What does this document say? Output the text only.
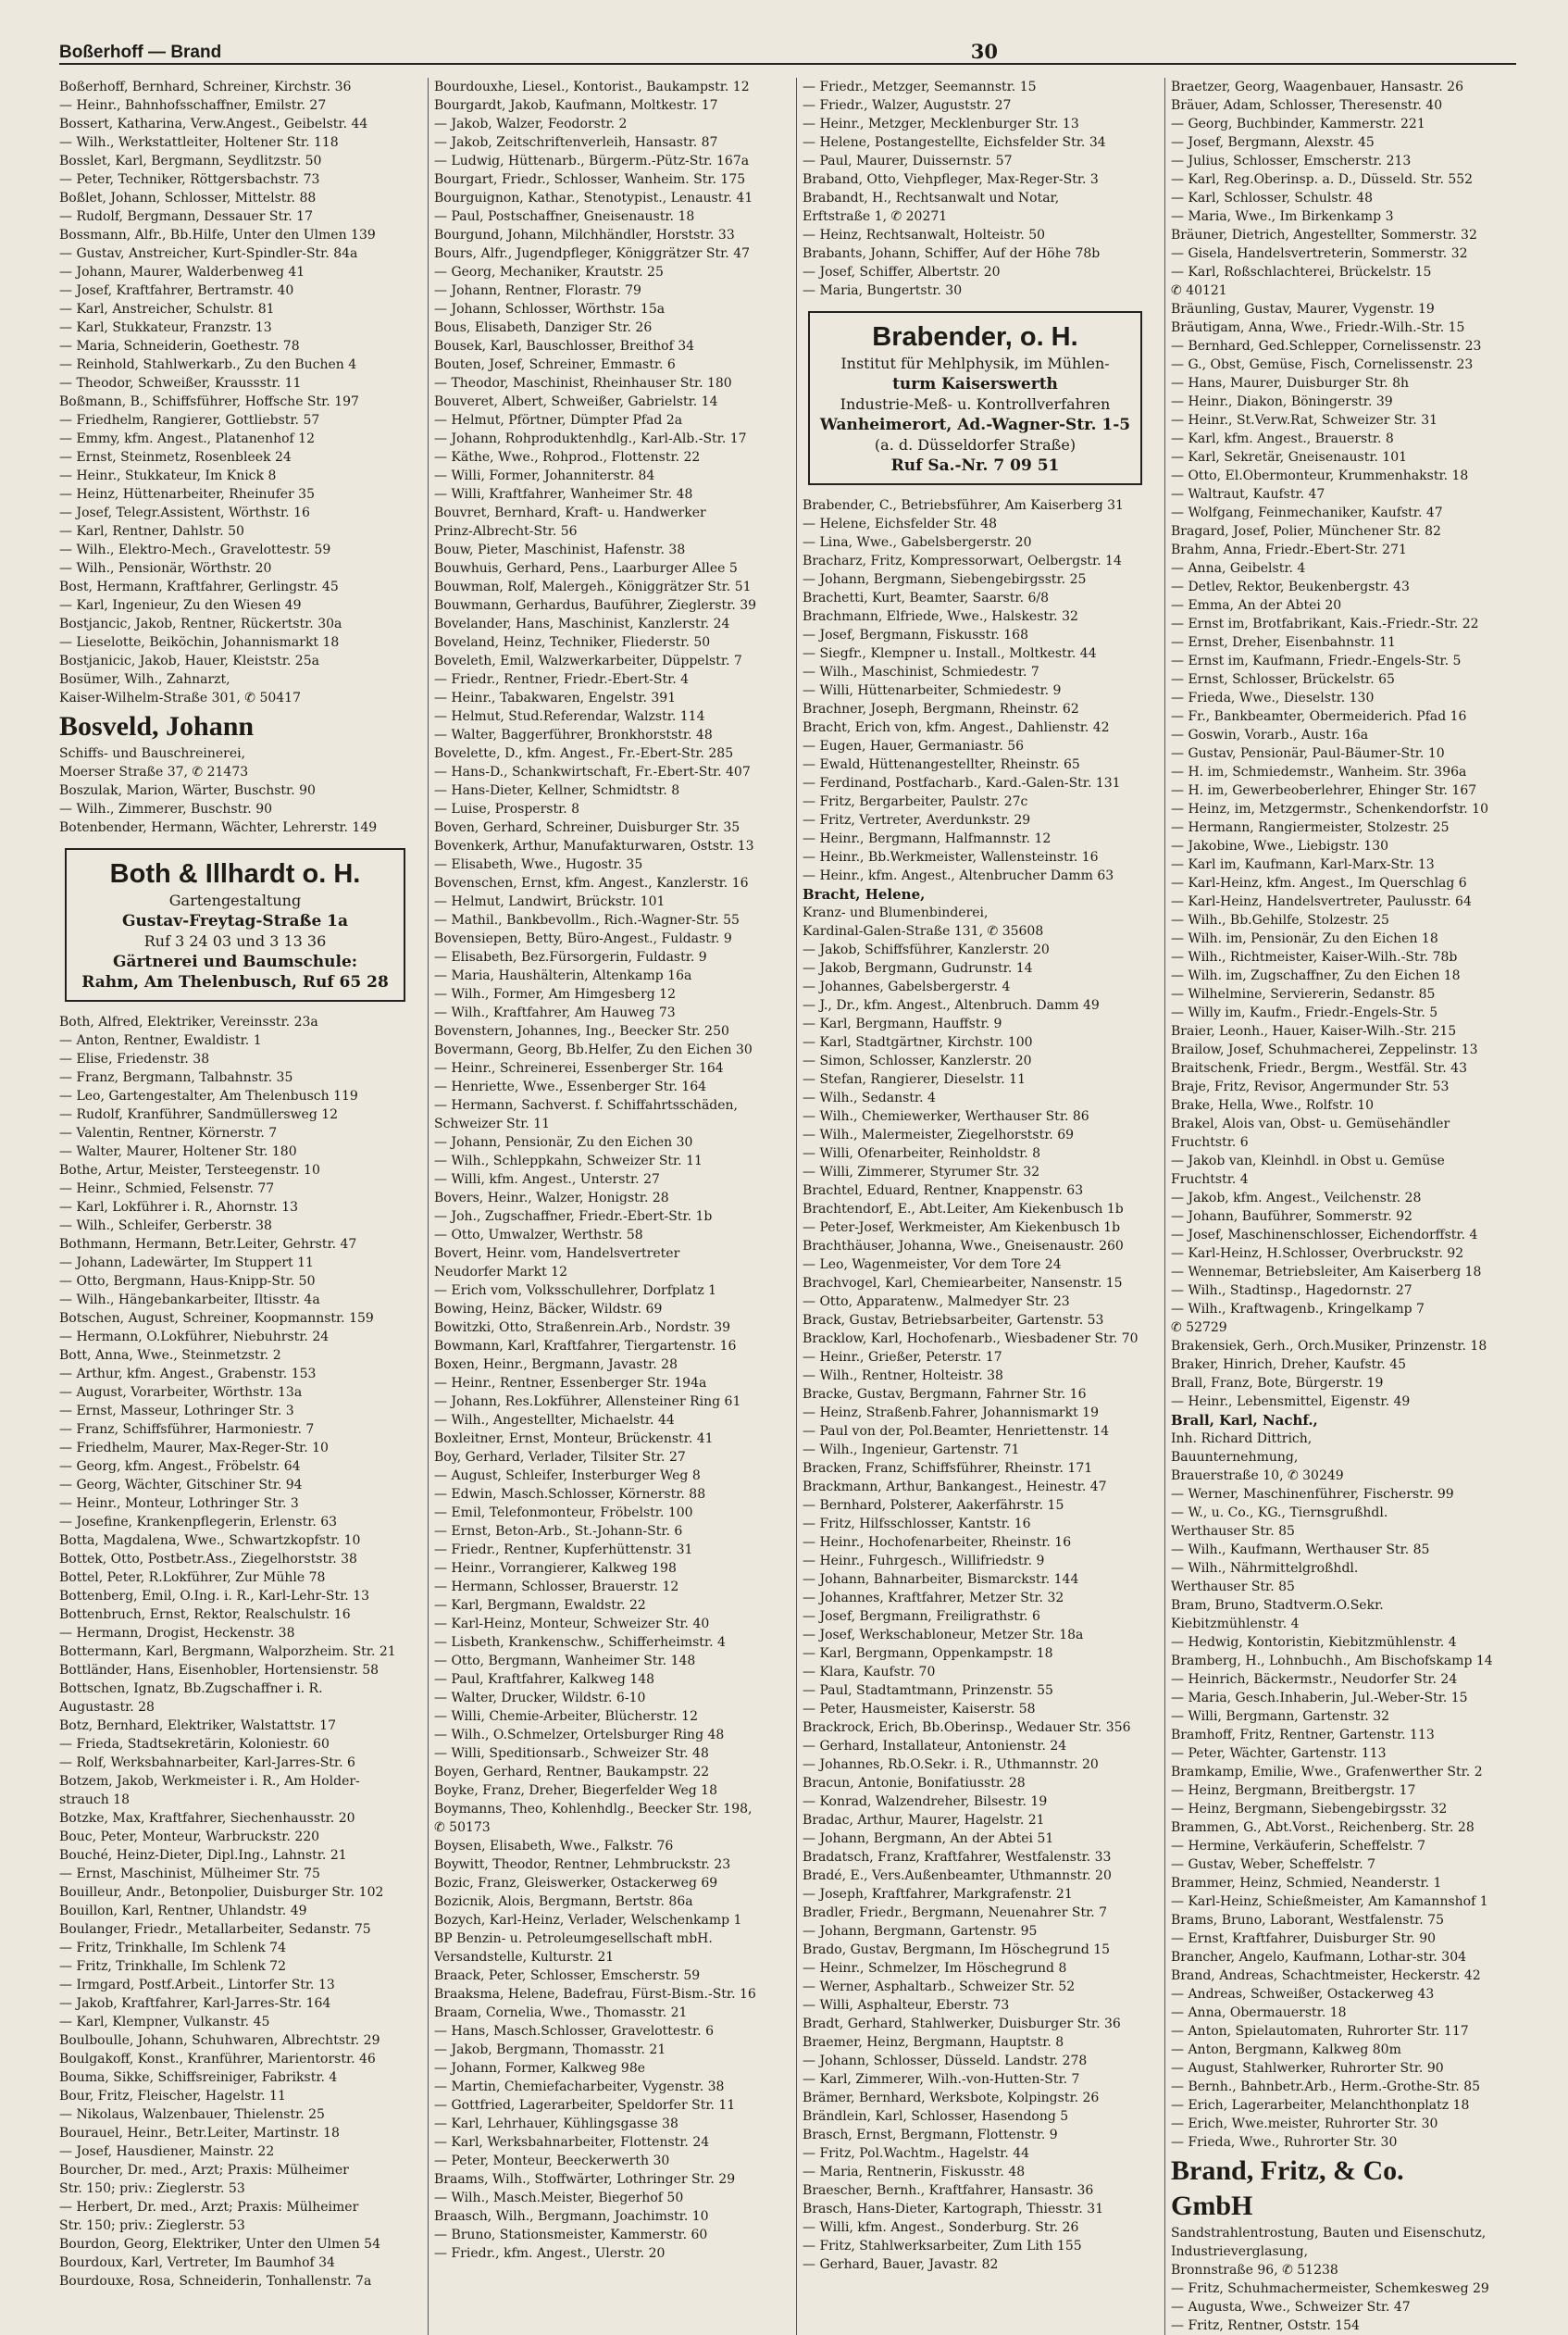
Boßerhoff — Brand	30
Boßerhoff, Bernhard, Schreiner, Kirchstr. 36
— Heinr., Bahnhofsschaffner, Emilstr. 27
Bossert, Katharina, Verw.Angest., Geibelstr. 44
— Wilh., Werkstattleiter, Holtener Str. 118
Bosslet, Karl, Bergmann, Seydlitzstr. 50
— Peter, Techniker, Röttgersbachstr. 73
Boßlet, Johann, Schlosser, Mittelstr. 88
— Rudolf, Bergmann, Dessauer Str. 17
Bossmann, Alfr., Bb.Hilfe, Unter den Ulmen 139
— Gustav, Anstreicher, Kurt-Spindler-Str. 84a
— Johann, Maurer, Walderbenweg 41
— Josef, Kraftfahrer, Bertramstr. 40
— Karl, Anstreicher, Schulstr. 81
— Karl, Stukkateur, Franzstr. 13
— Maria, Schneiderin, Goethestr. 78
— Reinhold, Stahlwerkarb., Zu den Buchen 4
— Theodor, Schweißer, Kraussstr. 11
Boßmann, B., Schiffsführer, Hoffsche Str. 197
— Friedhelm, Rangierer, Gottliebstr. 57
— Emmy, kfm. Angest., Platanenhof 12
— Ernst, Steinmetz, Rosenbleek 24
— Heinr., Stukkateur, Im Knick 8
— Heinz, Hüttenarbeiter, Rheinufer 35
— Josef, Telegr.Assistent, Wörthstr. 16
— Karl, Rentner, Dahlstr. 50
— Wilh., Elektro-Mech., Gravelottestr. 59
— Wilh., Pensionär, Wörthstr. 20
Bost, Hermann, Kraftfahrer, Gerlingstr. 45
— Karl, Ingenieur, Zu den Wiesen 49
Bostjancic, Jakob, Rentner, Rückertstr. 30a
— Lieselotte, Beiköchin, Johannismarkt 18
Bostjanicic, Jakob, Hauer, Kleiststr. 25a
Bosümer, Wilh., Zahnarzt,
Kaiser-Wilhelm-Straße 301, ✆ 50417
Bosveld, Johann
Schiffs- und Bauschreinerei,
Moerser Straße 37, ✆ 21473
Boszulak, Marion, Wärter, Buschstr. 90
— Wilh., Zimmerer, Buschstr. 90
Botenbender, Hermann, Wächter, Lehrerstr. 149
Both & Illhardt o. H.
Gartengestaltung
Gustav-Freytag-Straße 1a
Ruf 3 24 03 und 3 13 36
Gärtnerei und Baumschule:
Rahm, Am Thelenbusch, Ruf 65 28
Both, Alfred, Elektriker, Vereinsstr. 23a
— Anton, Rentner, Ewaldistr. 1
— Elise, Friedenstr. 38
— Franz, Bergmann, Talbahnstr. 35
— Leo, Gartengestalter, Am Thelenbusch 119
— Rudolf, Kranführer, Sandmüllersweg 12
— Valentin, Rentner, Körnerstr. 7
— Walter, Maurer, Holtener Str. 180
Bothe, Artur, Meister, Tersteegenstr. 10
— Heinr., Schmied, Felsenstr. 77
— Karl, Lokführer i. R., Ahornstr. 13
— Wilh., Schleifer, Gerberstr. 38
Bothmann, Hermann, Betr.Leiter, Gehrstr. 47
— Johann, Ladewärter, Im Stuppert 11
— Otto, Bergmann, Haus-Knipp-Str. 50
— Wilh., Hängebankarbeiter, Iltisstr. 4a
Botschen, August, Schreiner, Koopmannstr. 159
— Hermann, O.Lokführer, Niebuhrstr. 24
Bott, Anna, Wwe., Steinmetzstr. 2
— Arthur, kfm. Angest., Grabenstr. 153
— August, Vorarbeiter, Wörthstr. 13a
— Ernst, Masseur, Lothringer Str. 3
— Franz, Schiffsführer, Harmoniestr. 7
— Friedhelm, Maurer, Max-Reger-Str. 10
— Georg, kfm. Angest., Fröbelstr. 64
— Georg, Wächter, Gitschiner Str. 94
— Heinr., Monteur, Lothringer Str. 3
— Josefine, Krankenpflegerin, Erlenstr. 63
Botta, Magdalena, Wwe., Schwartzkopfstr. 10
Bottek, Otto, Postbetr.Ass., Ziegelhorststr. 38
Bottel, Peter, R.Lokführer, Zur Mühle 78
Bottenberg, Emil, O.Ing. i. R., Karl-Lehr-Str. 13
Bottenbruch, Ernst, Rektor, Realschulstr. 16
— Hermann, Drogist, Heckenstr. 38
Bottermann, Karl, Bergmann, Walporzheim. Str. 21
Bottländer, Hans, Eisenhobler, Hortensienstr. 58
Bottschen, Ignatz, Bb.Zugschaffner i. R.
Augustastr. 28
Botz, Bernhard, Elektriker, Walstattstr. 17
— Frieda, Stadtsekretärin, Koloniestr. 60
— Rolf, Werksbahnarbeiter, Karl-Jarres-Str. 6
Botzem, Jakob, Werkmeister i. R., Am Holder-
strauch 18
Botzke, Max, Kraftfahrer, Siechenhausstr. 20
Bouc, Peter, Monteur, Warbruckstr. 220
Bouché, Heinz-Dieter, Dipl.Ing., Lahnstr. 21
— Ernst, Maschinist, Mülheimer Str. 75
Bouilleur, Andr., Betonpolier, Duisburger Str. 102
Bouillon, Karl, Rentner, Uhlandstr. 49
Boulanger, Friedr., Metallarbeiter, Sedanstr. 75
— Fritz, Trinkhalle, Im Schlenk 74
— Fritz, Trinkhalle, Im Schlenk 72
— Irmgard, Postf.Arbeit., Lintorfer Str. 13
— Jakob, Kraftfahrer, Karl-Jarres-Str. 164
— Karl, Klempner, Vulkanstr. 45
Boulboulle, Johann, Schuhwaren, Albrechtstr. 29
Boulgakoff, Konst., Kranführer, Marientorstr. 46
Bouma, Sikke, Schiffsreiniger, Fabrikstr. 4
Bour, Fritz, Fleischer, Hagelstr. 11
— Nikolaus, Walzenbauer, Thielenstr. 25
Bourauel, Heinr., Betr.Leiter, Martinstr. 18
— Josef, Hausdiener, Mainstr. 22
Bourcher, Dr. med., Arzt; Praxis: Mülheimer
Str. 150; priv.: Zieglerstr. 53
— Herbert, Dr. med., Arzt; Praxis: Mülheimer
Str. 150; priv.: Zieglerstr. 53
Bourdon, Georg, Elektriker, Unter den Ulmen 54
Bourdoux, Karl, Vertreter, Im Baumhof 34
Bourdouxe, Rosa, Schneiderin, Tonhallenstr. 7a
Bourdouxhe, Liesel., Kontorist., Baukampstr. 12
Bourgardt, Jakob, Kaufmann, Moltkestr. 17
— Jakob, Walzer, Feodorstr. 2
— Jakob, Zeitschriftenverleih, Hansastr. 87
— Ludwig, Hüttenarb., Bürgerm.-Pütz-Str. 167a
Bourgart, Friedr., Schlosser, Wanheim. Str. 175
Bourguignon, Kathar., Stenotypist., Lenaustr. 41
— Paul, Postschaffner, Gneisenaustr. 18
Bourgund, Johann, Milchhändler, Horststr. 33
Bours, Alfr., Jugendpfleger, Königgrätzer Str. 47
— Georg, Mechaniker, Krautstr. 25
— Johann, Rentner, Florastr. 79
— Johann, Schlosser, Wörthstr. 15a
Bous, Elisabeth, Danziger Str. 26
Bousek, Karl, Bauschlosser, Breithof 34
Bouten, Josef, Schreiner, Emmastr. 6
— Theodor, Maschinist, Rheinhauser Str. 180
Bouveret, Albert, Schweißer, Gabrielstr. 14
— Helmut, Pförtner, Dümpter Pfad 2a
— Johann, Rohproduktenhdlg., Karl-Alb.-Str. 17
— Käthe, Wwe., Rohprod., Flottenstr. 22
— Willi, Former, Johanniterstr. 84
— Willi, Kraftfahrer, Wanheimer Str. 48
Bouvret, Bernhard, Kraft- u. Handwerker
Prinz-Albrecht-Str. 56
Bouw, Pieter, Maschinist, Hafenstr. 38
Bouwhuis, Gerhard, Pens., Laarburger Allee 5
Bouwman, Rolf, Malergeh., Königgrätzer Str. 51
Bouwmann, Gerhardus, Bauführer, Zieglerstr. 39
Bovelander, Hans, Maschinist, Kanzlerstr. 24
Boveland, Heinz, Techniker, Fliederstr. 50
Boveleth, Emil, Walzwerkarbeiter, Düppelstr. 7
— Friedr., Rentner, Friedr.-Ebert-Str. 4
— Heinr., Tabakwaren, Engelstr. 391
— Helmut, Stud.Referendar, Walzstr. 114
— Walter, Baggerführer, Bronkhorststr. 48
Bovelette, D., kfm. Angest., Fr.-Ebert-Str. 285
— Hans-D., Schankwirtschaft, Fr.-Ebert-Str. 407
— Hans-Dieter, Kellner, Schmidtstr. 8
— Luise, Prosperstr. 8
Boven, Gerhard, Schreiner, Duisburger Str. 35
Bovenkerk, Arthur, Manufakturwaren, Oststr. 13
— Elisabeth, Wwe., Hugostr. 35
Bovenschen, Ernst, kfm. Angest., Kanzlerstr. 16
— Helmut, Landwirt, Brückstr. 101
— Mathil., Bankbevollm., Rich.-Wagner-Str. 55
Bovensiepen, Betty, Büro-Angest., Fuldastr. 9
— Elisabeth, Bez.Fürsorgerin, Fuldastr. 9
— Maria, Haushälterin, Altenkamp 16a
— Wilh., Former, Am Himgesberg 12
— Wilh., Kraftfahrer, Am Hauweg 73
Bovenstern, Johannes, Ing., Beecker Str. 250
Bovermann, Georg, Bb.Helfer, Zu den Eichen 30
— Heinr., Schreinerei, Essenberger Str. 164
— Henriette, Wwe., Essenberger Str. 164
— Hermann, Sachverst. f. Schiffahrtsschäden,
Schweizer Str. 11
— Johann, Pensionär, Zu den Eichen 30
— Wilh., Schleppkahn, Schweizer Str. 11
— Willi, kfm. Angest., Unterstr. 27
Bovers, Heinr., Walzer, Honigstr. 28
— Joh., Zugschaffner, Friedr.-Ebert-Str. 1b
— Otto, Umwalzer, Werthstr. 58
Bovert, Heinr. vom, Handelsvertreter
Neudorfer Markt 12
— Erich vom, Volksschullehrer, Dorfplatz 1
Bowing, Heinz, Bäcker, Wildstr. 69
Bowitzki, Otto, Straßenrein.Arb., Nordstr. 39
Bowmann, Karl, Kraftfahrer, Tiergartenstr. 16
Boxen, Heinr., Bergmann, Javastr. 28
— Heinr., Rentner, Essenberger Str. 194a
— Johann, Res.Lokführer, Allensteiner Ring 61
— Wilh., Angestellter, Michaelstr. 44
Boxleitner, Ernst, Monteur, Brückenstr. 41
Boy, Gerhard, Verlader, Tilsiter Str. 27
— August, Schleifer, Insterburger Weg 8
— Edwin, Masch.Schlosser, Körnerstr. 88
— Emil, Telefonmonteur, Fröbelstr. 100
— Ernst, Beton-Arb., St.-Johann-Str. 6
— Friedr., Rentner, Kupferhüttenstr. 31
— Heinr., Vorrangierer, Kalkweg 198
— Hermann, Schlosser, Brauerstr. 12
— Karl, Bergmann, Ewaldstr. 22
— Karl-Heinz, Monteur, Schweizer Str. 40
— Lisbeth, Krankenschw., Schifferheimstr. 4
— Otto, Bergmann, Wanheimer Str. 148
— Paul, Kraftfahrer, Kalkweg 148
— Walter, Drucker, Wildstr. 6-10
— Willi, Chemie-Arbeiter, Blücherstr. 12
— Wilh., O.Schmelzer, Ortelsburger Ring 48
— Willi, Speditionsarb., Schweizer Str. 48
Boyen, Gerhard, Rentner, Baukampstr. 22
Boyke, Franz, Dreher, Biegerfelder Weg 18
Boymanns, Theo, Kohlenhdlg., Beecker Str. 198,
✆ 50173
Boysen, Elisabeth, Wwe., Falkstr. 76
Boywitt, Theodor, Rentner, Lehmbruckstr. 23
Bozic, Franz, Gleiswerker, Ostackerweg 69
Bozicnik, Alois, Bergmann, Bertstr. 86a
Bozych, Karl-Heinz, Verlader, Welschenkamp 1
BP Benzin- u. Petroleumgesellschaft mbH.
Versandstelle, Kulturstr. 21
Braack, Peter, Schlosser, Emscherstr. 59
Braaksma, Helene, Badefrau, Fürst-Bism.-Str. 16
Braam, Cornelia, Wwe., Thomasstr. 21
— Hans, Masch.Schlosser, Gravelottestr. 6
— Jakob, Bergmann, Thomasstr. 21
— Johann, Former, Kalkweg 98e
— Martin, Chemiefacharbeiter, Vygenstr. 38
— Gottfried, Lagerarbeiter, Speldorfer Str. 11
— Karl, Lehrhauer, Kühlingsgasse 38
— Karl, Werksbahnarbeiter, Flottenstr. 24
— Peter, Monteur, Beeckerwerth 30
Braams, Wilh., Stoffwärter, Lothringer Str. 29
— Wilh., Masch.Meister, Biegerhof 50
Braasch, Wilh., Bergmann, Joachimstr. 10
— Bruno, Stationsmeister, Kammerstr. 60
— Friedr., kfm. Angest., Ulerstr. 20
— Friedr., Metzger, Seemannstr. 15
— Friedr., Walzer, Auguststr. 27
— Heinr., Metzger, Mecklenburger Str. 13
— Helene, Postangestellte, Eichsfelder Str. 34
— Paul, Maurer, Duissernstr. 57
Braband, Otto, Viehpfleger, Max-Reger-Str. 3
Brabandt, H., Rechtsanwalt und Notar,
Erftstraße 1, ✆ 20271
— Heinz, Rechtsanwalt, Holteistr. 50
Brabants, Johann, Schiffer, Auf der Höhe 78b
— Josef, Schiffer, Albertstr. 20
— Maria, Bungertstr. 30
Brabender, o. H.
Institut für Mehlphysik, im Mühlen-
turm Kaiserswerth
Industrie-Meß- u. Kontrollverfahren
Wanheimerort, Ad.-Wagner-Str. 1-5
(a. d. Düsseldorfer Straße)
Ruf Sa.-Nr. 7 09 51
Brabender, C., Betriebsführer, Am Kaiserberg 31
— Helene, Eichsfelder Str. 48
— Lina, Wwe., Gabelsbergerstr. 20
Bracharz, Fritz, Kompressorwart, Oelbergstr. 14
— Johann, Bergmann, Siebengebirgsstr. 25
Brachetti, Kurt, Beamter, Saarstr. 6/8
Brachmann, Elfriede, Wwe., Halskestr. 32
— Josef, Bergmann, Fiskusstr. 168
— Siegfr., Klempner u. Install., Moltkestr. 44
— Wilh., Maschinist, Schmiedestr. 7
— Willi, Hüttenarbeiter, Schmiedestr. 9
Brachner, Joseph, Bergmann, Rheinstr. 62
Bracht, Erich von, kfm. Angest., Dahlienstr. 42
— Eugen, Hauer, Germaniastr. 56
— Ewald, Hüttenangestellter, Rheinstr. 65
— Ferdinand, Postfacharb., Kard.-Galen-Str. 131
— Fritz, Bergarbeiter, Paulstr. 27c
— Fritz, Vertreter, Averdunkstr. 29
— Heinr., Bergmann, Halfmannstr. 12
— Heinr., Bb.Werkmeister, Wallensteinstr. 16
— Heinr., kfm. Angest., Altenbrucher Damm 63
Bracht, Helene,
Kranz- und Blumenbinderei,
Kardinal-Galen-Straße 131, ✆ 35608
— Jakob, Schiffsführer, Kanzlerstr. 20
— Jakob, Bergmann, Gudrunstr. 14
— Johannes, Gabelsbergerstr. 4
— J., Dr., kfm. Angest., Altenbruch. Damm 49
— Karl, Bergmann, Hauffstr. 9
— Karl, Stadtgärtner, Kirchstr. 100
— Simon, Schlosser, Kanzlerstr. 20
— Stefan, Rangierer, Dieselstr. 11
— Wilh., Sedanstr. 4
— Wilh., Chemiewerker, Werthauser Str. 86
— Wilh., Malermeister, Ziegelhorststr. 69
— Willi, Ofenarbeiter, Reinholdstr. 8
— Willi, Zimmerer, Styrumer Str. 32
Brachtel, Eduard, Rentner, Knappenstr. 63
Brachtendorf, E., Abt.Leiter, Am Kiekenbusch 1b
— Peter-Josef, Werkmeister, Am Kiekenbusch 1b
Brachthäuser, Johanna, Wwe., Gneisenaustr. 260
— Leo, Wagenmeister, Vor dem Tore 24
Brachvogel, Karl, Chemiearbeiter, Nansenstr. 15
— Otto, Apparatenw., Malmedyer Str. 23
Brack, Gustav, Betriebsarbeiter, Gartenstr. 53
Bracklow, Karl, Hochofenarb., Wiesbadener Str. 70
— Heinr., Grießer, Peterstr. 17
— Wilh., Rentner, Holteistr. 38
Bracke, Gustav, Bergmann, Fahrner Str. 16
— Heinz, Straßenb.Fahrer, Johannismarkt 19
— Paul von der, Pol.Beamter, Henriettenstr. 14
— Wilh., Ingenieur, Gartenstr. 71
Bracken, Franz, Schiffsführer, Rheinstr. 171
Brackmann, Arthur, Bankangest., Heinestr. 47
— Bernhard, Polsterer, Aakerfährstr. 15
— Fritz, Hilfsschlosser, Kantstr. 16
— Heinr., Hochofenarbeiter, Rheinstr. 16
— Heinr., Fuhrgesch., Willifriedstr. 9
— Johann, Bahnarbeiter, Bismarckstr. 144
— Johannes, Kraftfahrer, Metzer Str. 32
— Josef, Bergmann, Freiligrathstr. 6
— Josef, Werkschabloneur, Metzer Str. 18a
— Karl, Bergmann, Oppenkampstr. 18
— Klara, Kaufstr. 70
— Paul, Stadtamtmann, Prinzenstr. 55
— Peter, Hausmeister, Kaiserstr. 58
Brackrock, Erich, Bb.Oberinsp., Wedauer Str. 356
— Gerhard, Installateur, Antonienstr. 24
— Johannes, Rb.O.Sekr. i. R., Uthmannstr. 20
Bracun, Antonie, Bonifatiusstr. 28
— Konrad, Walzendreher, Bilsestr. 19
Bradac, Arthur, Maurer, Hagelstr. 21
— Johann, Bergmann, An der Abtei 51
Bradatsch, Franz, Kraftfahrer, Westfalenstr. 33
Bradé, E., Vers.Außenbeamter, Uthmannstr. 20
— Joseph, Kraftfahrer, Markgrafenstr. 21
Bradler, Friedr., Bergmann, Neuenahrer Str. 7
— Johann, Bergmann, Gartenstr. 95
Brado, Gustav, Bergmann, Im Höschegrund 15
— Heinr., Schmelzer, Im Höschegrund 8
— Werner, Asphaltarb., Schweizer Str. 52
— Willi, Asphalteur, Eberstr. 73
Bradt, Gerhard, Stahlwerker, Duisburger Str. 36
Braemer, Heinz, Bergmann, Hauptstr. 8
— Johann, Schlosser, Düsseld. Landstr. 278
— Karl, Zimmerer, Wilh.-von-Hutten-Str. 7
Brämer, Bernhard, Werksbote, Kolpingstr. 26
Brändlein, Karl, Schlosser, Hasendong 5
Brasch, Ernst, Bergmann, Flottenstr. 9
— Fritz, Pol.Wachtm., Hagelstr. 44
— Maria, Rentnerin, Fiskusstr. 48
Braescher, Bernh., Kraftfahrer, Hansastr. 36
Brasch, Hans-Dieter, Kartograph, Thiesstr. 31
— Willi, kfm. Angest., Sonderburg. Str. 26
— Fritz, Stahlwerksarbeiter, Zum Lith 155
— Gerhard, Bauer, Javastr. 82
Braetzer, Georg, Waagenbauer, Hansastr. 26
Bräuer, Adam, Schlosser, Theresenstr. 40
— Georg, Buchbinder, Kammerstr. 221
— Josef, Bergmann, Alexstr. 45
— Julius, Schlosser, Emscherstr. 213
— Karl, Reg.Oberinsp. a. D., Düsseld. Str. 552
— Karl, Schlosser, Schulstr. 48
— Maria, Wwe., Im Birkenkamp 3
Bräuner, Dietrich, Angestellter, Sommerstr. 32
— Gisela, Handelsvertreterin, Sommerstr. 32
— Karl, Roßschlachterei, Brückelstr. 15
✆ 40121
Bräunling, Gustav, Maurer, Vygenstr. 19
Bräutigam, Anna, Wwe., Friedr.-Wilh.-Str. 15
— Bernhard, Ged.Schlepper, Cornelissenstr. 23
— G., Obst, Gemüse, Fisch, Cornelissenstr. 23
— Hans, Maurer, Duisburger Str. 8h
— Heinr., Diakon, Böningerstr. 39
— Heinr., St.Verw.Rat, Schweizer Str. 31
— Karl, kfm. Angest., Brauerstr. 8
— Karl, Sekretär, Gneisenaustr. 101
— Otto, El.Obermonteur, Krummenhakstr. 18
— Waltraut, Kaufstr. 47
— Wolfgang, Feinmechaniker, Kaufstr. 47
Bragard, Josef, Polier, Münchener Str. 82
Brahm, Anna, Friedr.-Ebert-Str. 271
— Anna, Geibelstr. 4
— Detlev, Rektor, Beukenbergstr. 43
— Emma, An der Abtei 20
— Ernst im, Brotfabrikant, Kais.-Friedr.-Str. 22
— Ernst, Dreher, Eisenbahnstr. 11
— Ernst im, Kaufmann, Friedr.-Engels-Str. 5
— Ernst, Schlosser, Brückelstr. 65
— Frieda, Wwe., Dieselstr. 130
— Fr., Bankbeamter, Obermeiderich. Pfad 16
— Goswin, Vorarb., Austr. 16a
— Gustav, Pensionär, Paul-Bäumer-Str. 10
— H. im, Schmiedemstr., Wanheim. Str. 396a
— H. im, Gewerbeoberlehrer, Ehinger Str. 167
— Heinz, im, Metzgermstr., Schenkendorfstr. 10
— Hermann, Rangiermeister, Stolzestr. 25
— Jakobine, Wwe., Liebigstr. 130
— Karl im, Kaufmann, Karl-Marx-Str. 13
— Karl-Heinz, kfm. Angest., Im Querschlag 6
— Karl-Heinz, Handelsvertreter, Paulusstr. 64
— Wilh., Bb.Gehilfe, Stolzestr. 25
— Wilh. im, Pensionär, Zu den Eichen 18
— Wilh., Richtmeister, Kaiser-Wilh.-Str. 78b
— Wilh. im, Zugschaffner, Zu den Eichen 18
— Wilhelmine, Serviererin, Sedanstr. 85
— Willy im, Kaufm., Friedr.-Engels-Str. 5
Braier, Leonh., Hauer, Kaiser-Wilh.-Str. 215
Brailow, Josef, Schuhmacherei, Zeppelinstr. 13
Braitschenk, Friedr., Bergm., Westfäl. Str. 43
Braje, Fritz, Revisor, Angermunder Str. 53
Brake, Hella, Wwe., Rolfstr. 10
Brakel, Alois van, Obst- u. Gemüsehändler
Fruchtstr. 6
— Jakob van, Kleinhdl. in Obst u. Gemüse
Fruchtstr. 4
— Jakob, kfm. Angest., Veilchenstr. 28
— Johann, Bauführer, Sommerstr. 92
— Josef, Maschinenschlosser, Eichendorffstr. 4
— Karl-Heinz, H.Schlosser, Overbruckstr. 92
— Wennemar, Betriebsleiter, Am Kaiserberg 18
— Wilh., Stadtinsp., Hagedornstr. 27
— Wilh., Kraftwagenb., Kringelkamp 7
✆ 52729
Brakensiek, Gerh., Orch.Musiker, Prinzenstr. 18
Braker, Hinrich, Dreher, Kaufstr. 45
Brall, Franz, Bote, Bürgerstr. 19
— Heinr., Lebensmittel, Eigenstr. 49
Brall, Karl, Nachf.,
Inh. Richard Dittrich,
Bauunternehmung,
Brauerstraße 10, ✆ 30249
— Werner, Maschinenführer, Fischerstr. 99
— W., u. Co., KG., Tiernsgrußhdl.
Werthauser Str. 85
— Wilh., Kaufmann, Werthauser Str. 85
— Wilh., Nährmittelgroßhdl.
Werthauser Str. 85
Bram, Bruno, Stadtverm.O.Sekr.
Kiebitzmühlenstr. 4
— Hedwig, Kontoristin, Kiebitzmühlenstr. 4
Bramberg, H., Lohnbuchh., Am Bischofskamp 14
— Heinrich, Bäckermstr., Neudorfer Str. 24
— Maria, Gesch.Inhaberin, Jul.-Weber-Str. 15
— Willi, Bergmann, Gartenstr. 32
Bramhoff, Fritz, Rentner, Gartenstr. 113
— Peter, Wächter, Gartenstr. 113
Bramkamp, Emilie, Wwe., Grafenwerther Str. 2
— Heinz, Bergmann, Breitbergstr. 17
— Heinz, Bergmann, Siebengebirgsstr. 32
Brammen, G., Abt.Vorst., Reichenberg. Str. 28
— Hermine, Verkäuferin, Scheffelstr. 7
— Gustav, Weber, Scheffelstr. 7
Brammer, Heinz, Schmied, Neanderstr. 1
— Karl-Heinz, Schießmeister, Am Kamannshof 1
Brams, Bruno, Laborant, Westfalenstr. 75
— Ernst, Kraftfahrer, Duisburger Str. 90
Brancher, Angelo, Kaufmann, Lothar-str. 304
Brand, Andreas, Schachtmeister, Heckerstr. 42
— Andreas, Schweißer, Ostackerweg 43
— Anna, Obermauerstr. 18
— Anton, Spielautomaten, Ruhrorter Str. 117
— Anton, Bergmann, Kalkweg 80m
— August, Stahlwerker, Ruhrorter Str. 90
— Bernh., Bahnbetr.Arb., Herm.-Grothe-Str. 85
— Erich, Lagerarbeiter, Melanchthonplatz 18
— Erich, Wwe.meister, Ruhrorter Str. 30
— Frieda, Wwe., Ruhrorter Str. 30
Brand, Fritz, & Co.
GmbH
Sandstrahlentrostung, Bauten und Eisenschutz,
Industrieverglasung,
Bronnstraße 96, ✆ 51238
— Fritz, Schuhmachermeister, Schemkesweg 29
— Augusta, Wwe., Schweizer Str. 47
— Fritz, Rentner, Oststr. 154
